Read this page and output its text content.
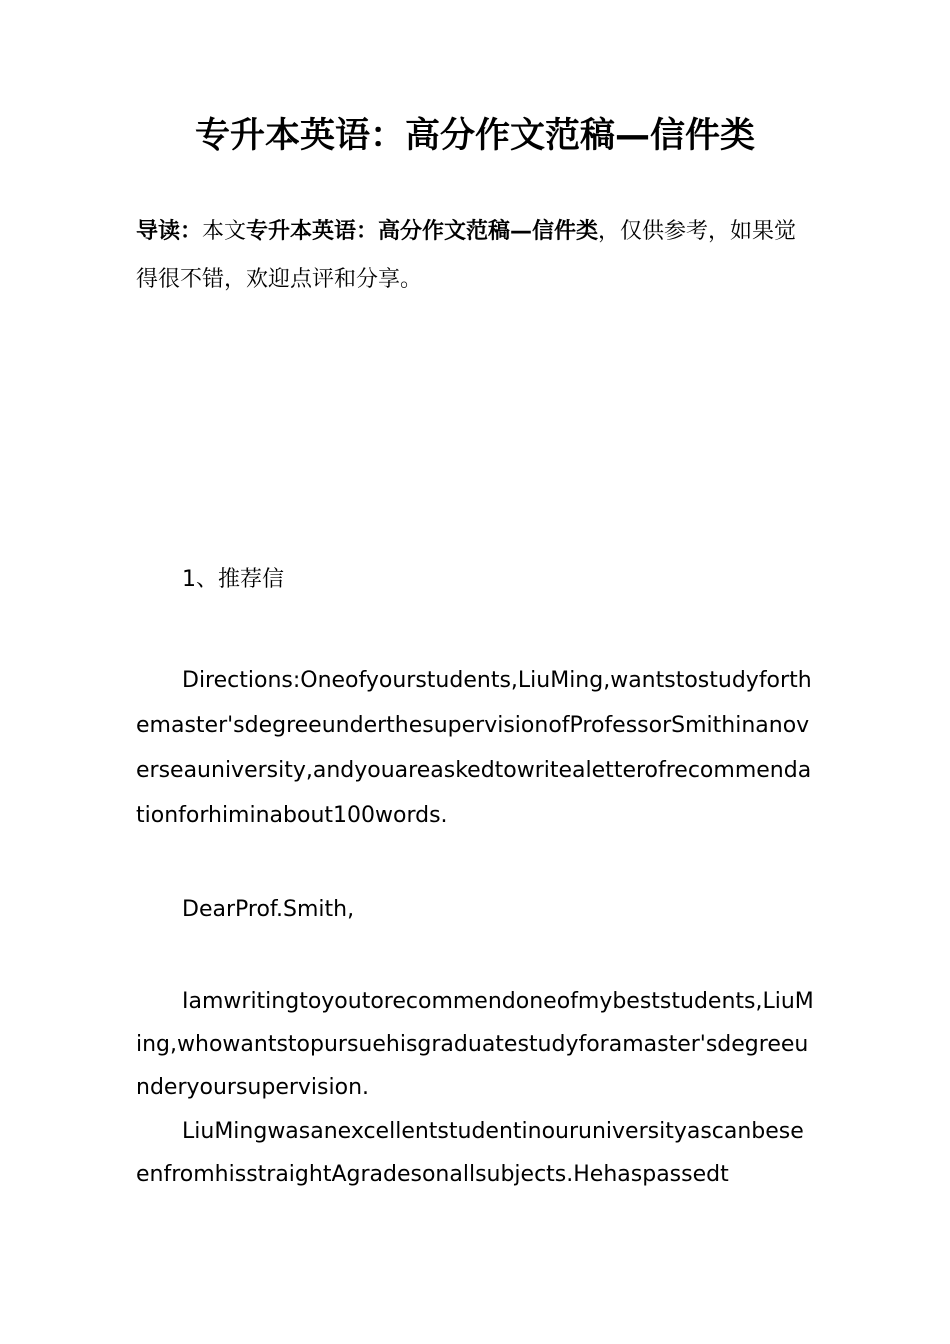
专升本英语：高分作文范稿—信件类
导读：本文专升本英语：高分作文范稿—信件类，仅供参考，如果觉得很不错，欢迎点评和分享。
1、推荐信
Directions:Oneofyourstudents,LiuMing,wantstostudyforthemaster'sdegreeunderthesupervisionofProfessorSmithinanoverseauniversity,andyouareaskedtowritealetterofrecommendationforhiminabout100words.
DearProf.Smith,
Iamwritingtoyoutorecommendoneofmybeststudents,LiuMing,whowantstopursuehisgraduatestudyforamaster'sdegreeunderyoursupervision.
LiuMingwasanexcellentstudentinouruniversityascanbeseenfromhisstraightAgradesonallsubjects.Hehaspassedt
